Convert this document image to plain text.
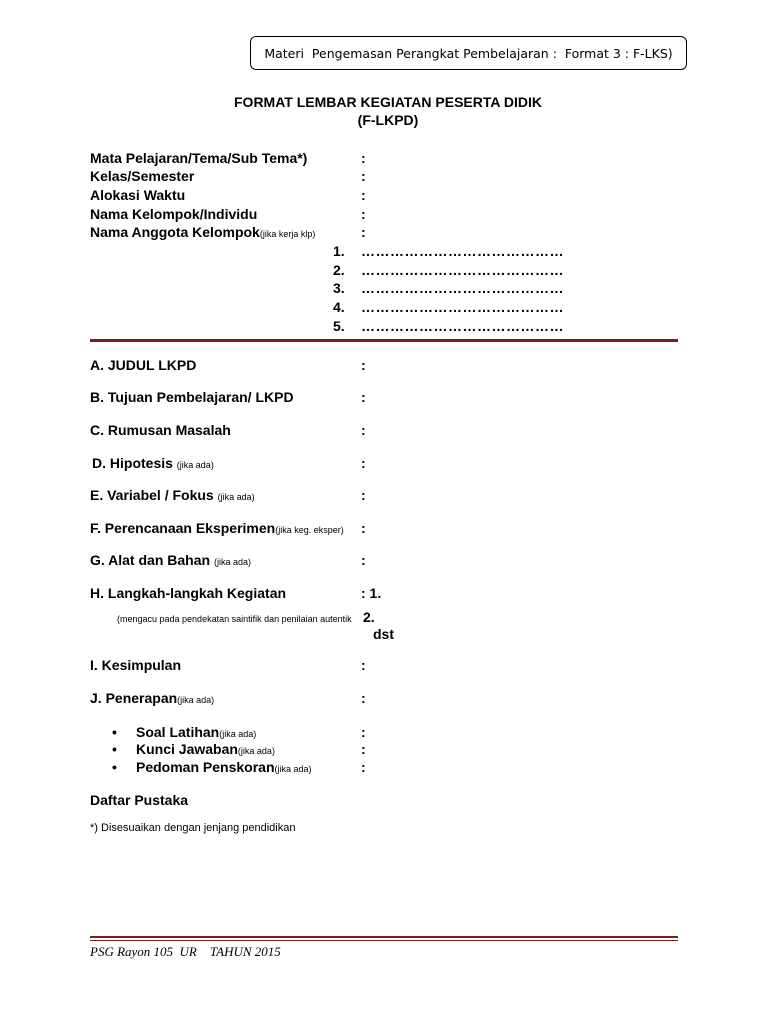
Materi  Pengemasan Perangkat Pembelajaran :  Format 3 : F-LKS)
FORMAT LEMBAR KEGIATAN PESERTA DIDIK
(F-LKPD)
Mata Pelajaran/Tema/Sub Tema*)	:
Kelas/Semester	:
Alokasi Waktu	:
Nama Kelompok/Individu	:
Nama Anggota Kelompok(jika kerja klp)	:
1. ……………………………………
2. ……………………………………
3. ……………………………………
4. ……………………………………
5. ……………………………………
A. JUDUL LKPD	:
B. Tujuan Pembelajaran/ LKPD	:
C. Rumusan Masalah	:
D. Hipotesis (jika ada)	:
E. Variabel / Fokus (jika ada)	:
F. Perencanaan Eksperimen(jika keg. eksper) :
G. Alat dan Bahan (jika ada)	:
H. Langkah-langkah Kegiatan	: 1.
(mengacu pada pendekatan saintifik dan penilaian autentik 2.
dst
I. Kesimpulan	:
J. Penerapan(jika ada)	:
• Soal Latihan(jika ada)	:
• Kunci Jawaban(jika ada)	:
• Pedoman Penskoran(jika ada)	:
Daftar Pustaka
*) Disesuaikan dengan jenjang pendidikan
PSG Rayon 105  UR    TAHUN 2015
